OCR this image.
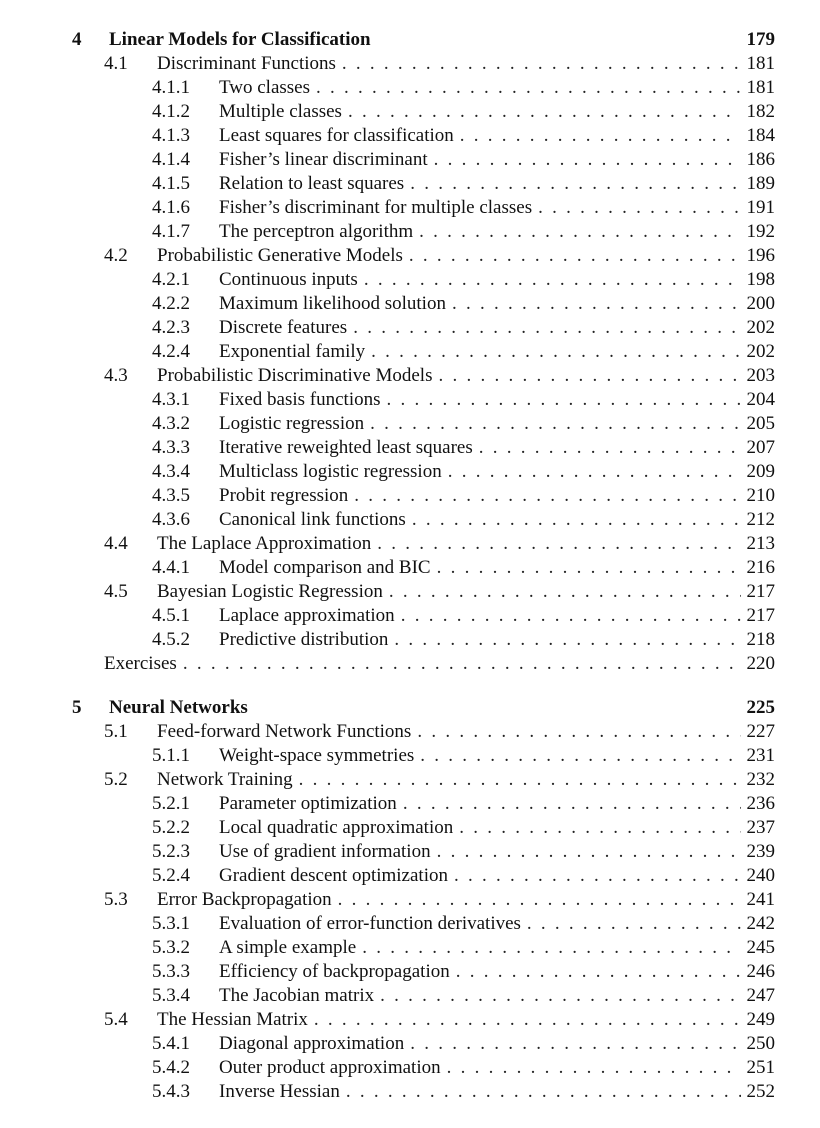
4	Linear Models for Classification	179
4.1	Discriminant Functions . . .	181
4.1.1	Two classes . . .	181
4.1.2	Multiple classes . . .	182
4.1.3	Least squares for classification . . .	184
4.1.4	Fisher’s linear discriminant . . .	186
4.1.5	Relation to least squares . . .	189
4.1.6	Fisher’s discriminant for multiple classes . . .	191
4.1.7	The perceptron algorithm . . .	192
4.2	Probabilistic Generative Models . . .	196
4.2.1	Continuous inputs . . .	198
4.2.2	Maximum likelihood solution . . .	200
4.2.3	Discrete features . . .	202
4.2.4	Exponential family . . .	202
4.3	Probabilistic Discriminative Models . . .	203
4.3.1	Fixed basis functions . . .	204
4.3.2	Logistic regression . . .	205
4.3.3	Iterative reweighted least squares . . .	207
4.3.4	Multiclass logistic regression . . .	209
4.3.5	Probit regression . . .	210
4.3.6	Canonical link functions . . .	212
4.4	The Laplace Approximation . . .	213
4.4.1	Model comparison and BIC . . .	216
4.5	Bayesian Logistic Regression . . .	217
4.5.1	Laplace approximation . . .	217
4.5.2	Predictive distribution . . .	218
Exercises . . .	220
5	Neural Networks	225
5.1	Feed-forward Network Functions . . .	227
5.1.1	Weight-space symmetries . . .	231
5.2	Network Training . . .	232
5.2.1	Parameter optimization . . .	236
5.2.2	Local quadratic approximation . . .	237
5.2.3	Use of gradient information . . .	239
5.2.4	Gradient descent optimization . . .	240
5.3	Error Backpropagation . . .	241
5.3.1	Evaluation of error-function derivatives . . .	242
5.3.2	A simple example . . .	245
5.3.3	Efficiency of backpropagation . . .	246
5.3.4	The Jacobian matrix . . .	247
5.4	The Hessian Matrix . . .	249
5.4.1	Diagonal approximation . . .	250
5.4.2	Outer product approximation . . .	251
5.4.3	Inverse Hessian . . .	252
